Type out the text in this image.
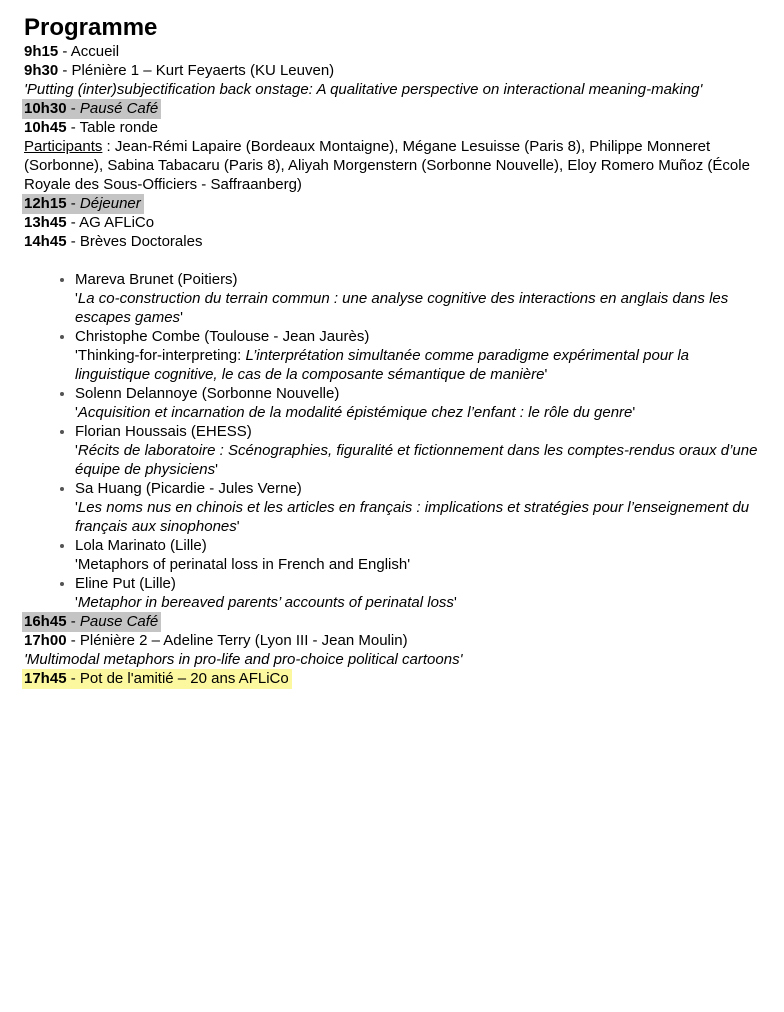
Programme

9h15 - Accueil

9h30 - Plénière 1 – Kurt Feyaerts (KU Leuven)
'Putting (inter)subjectification back onstage: A qualitative perspective on interactional meaning-making'

10h30 - Pausé Café

10h45 - Table ronde
Participants : Jean-Rémi Lapaire (Bordeaux Montaigne), Mégane Lesuisse (Paris 8), Philippe Monneret (Sorbonne), Sabina Tabacaru (Paris 8), Aliyah Morgenstern (Sorbonne Nouvelle), Eloy Romero Muñoz (École Royale des Sous-Officiers - Saffraanberg)

12h15 - Déjeuner

13h45 - AG AFLiCo

14h45 - Brèves Doctorales

• Mareva Brunet (Poitiers)
'La co-construction du terrain commun : une analyse cognitive des interactions en anglais dans les escapes games'
• Christophe Combe (Toulouse - Jean Jaurès)
'Thinking-for-interpreting: L’interprétation simultanée comme paradigme expérimental pour la linguistique cognitive, le cas de la composante sémantique de manière'
• Solenn Delannoye (Sorbonne Nouvelle)
'Acquisition et incarnation de la modalité épistémique chez l’enfant : le rôle du genre'
• Florian Houssais (EHESS)
'Récits de laboratoire : Scénographies, figuralité et fictionnement dans les comptes-rendus oraux d’une équipe de physiciens'
• Sa Huang (Picardie - Jules Verne)
'Les noms nus en chinois et les articles en français : implications et stratégies pour l’enseignement du français aux sinophones'
• Lola Marinato (Lille)
'Metaphors of perinatal loss in French and English'
• Eline Put (Lille)
'Metaphor in bereaved parents’ accounts of perinatal loss'

16h45 - Pause Café

17h00 - Plénière 2 – Adeline Terry (Lyon III - Jean Moulin)
'Multimodal metaphors in pro-life and pro-choice political cartoons'

17h45 - Pot de l'amitié – 20 ans AFLiCo
